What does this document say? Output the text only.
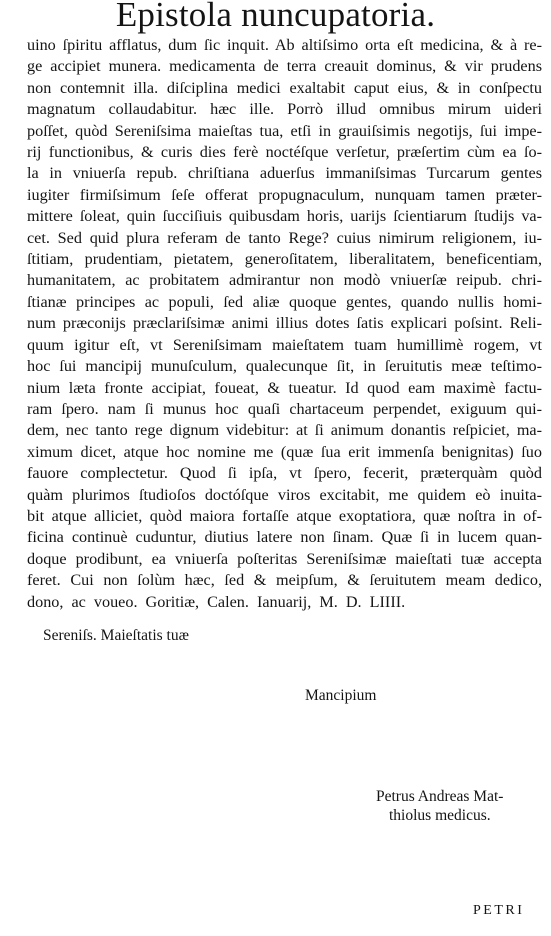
Epistola nuncupatoria.
uino ſpiritu afflatus, dum ſic inquit. Ab altiſsimo orta eſt medicina, & à re-
ge accipiet munera. medicamenta de terra creauit dominus, & vir prudens
non contemnit illa. diſciplina medici exaltabit caput eius, & in conſpectu
magnatum collaudabitur. hæc ille. Porrò illud omnibus mirum uideri
poſſet, quòd Sereniſsima maieſtas tua, etſi in grauiſsimis negotijs, ſui impe-
rij functionibus, & curis dies ferè noctéſque verſetur, præſertim cùm ea ſo-
la in vniuerſa repub. chriſtiana aduerſus immaniſsimas Turcarum gentes
iugiter firmiſsimum ſeſe offerat propugnaculum, nunquam tamen præter-
mittere ſoleat, quin ſucciſiuis quibusdam horis, uarijs ſcientiarum ſtudijs va-
cet. Sed quid plura referam de tanto Rege? cuius nimirum religionem, iu-
ſtitiam, prudentiam, pietatem, generoſitatem, liberalitatem, beneficentiam,
humanitatem, ac probitatem admirantur non modò vniuerſæ reipub. chri-
ſtianæ principes ac populi, ſed aliæ quoque gentes, quando nullis homi-
num præconijs præclariſsimæ animi illius dotes ſatis explicari poſsint. Reli-
quum igitur eſt, vt Sereniſsimam maieſtatem tuam humillimè rogem, vt
hoc ſui mancipij munuſculum, qualecunque ſit, in ſeruitutis meæ teſtimo-
nium læta fronte accipiat, foueat, & tueatur. Id quod eam maximè factu-
ram ſpero. nam ſi munus hoc quaſi chartaceum perpendet, exiguum qui-
dem, nec tanto rege dignum videbitur: at ſi animum donantis reſpiciet, ma-
ximum dicet, atque hoc nomine me (quæ ſua erit immenſa benignitas) ſuo
fauore complectetur. Quod ſi ipſa, vt ſpero, fecerit, præterquàm quòd
quàm plurimos ſtudioſos doctóſque viros excitabit, me quidem eò inuita-
bit atque alliciet, quòd maiora fortaſſe atque exoptatiora, quæ noſtra in of-
ficina continuè cuduntur, diutius latere non ſinam. Quæ ſi in lucem quan-
doque prodibunt, ea vniuerſa poſteritas Sereniſsimæ maieſtati tuæ accepta
feret. Cui non ſolùm hæc, ſed & meipſum, & ſeruitutem meam dedico,
dono, ac voueo. Goritiæ, Calen. Ianuarij, M. D. LIIII.
Sereniſs. Maieſtatis tuæ
Mancipium
Petrus Andreas Mat-
thiolus medicus.
PETRI
